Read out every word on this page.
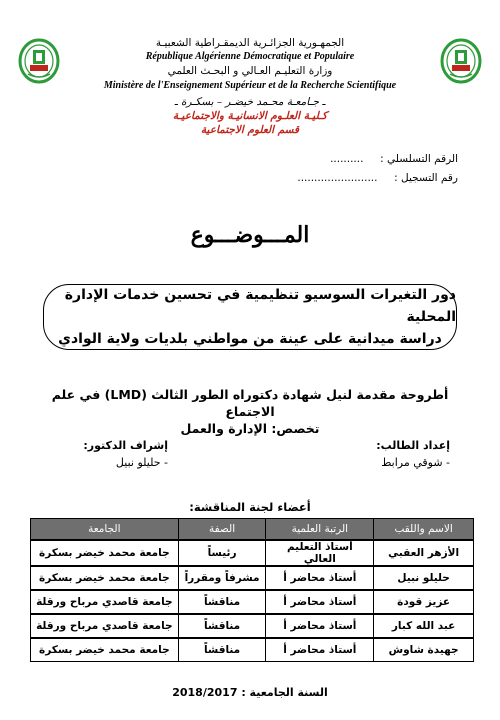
الجمهـورية الجزائـرية الديمقـراطية الشعبيـة
République Algérienne Démocratique et Populaire
وزارة التعليـم العـالي و البحـث العلمي
Ministère de l'Enseignement Supérieur et de la Recherche Scientifique
ـ جـامعـة محـمد خيضـر – بسكـرة ـ
كـليـة العلـوم الانسانيـة والاجتماعيـة
قسم العلوم الاجتماعية
الرقم التسلسلي :  ..........
رقم التسجيل :  ........................
المـــوضـــوع
دور التغيرات السوسيو تنظيمية في تحسين خدمات الإدارة المحلية
دراسة ميدانية على عينة من مواطني بلديات ولاية الوادي
أطروحة مقدمة لنيل شهادة دكتوراه الطور الثالث (LMD) في علم الاجتماع
تخصص: الإدارة والعمل
إعداد الطالب:
- شوقي مرابط
إشراف الدكتور:
- حليلو نبيل
أعضاء لجنة المناقشة:
الاسم واللقب	الرتبة العلمية	الصفة	الجامعة
الأزهر العقبي	أستاذ التعليم العالي	رئيساً	جامعة محمد خيضر بسكرة
حليلو نبيل	أستاذ محاضر أ	مشرفاً ومقرراً	جامعة محمد خيضر بسكرة
عزيز قودة	أستاذ محاضر أ	مناقشاً	جامعة قاصدي مرباح ورقلة
عبد الله كبار	أستاذ محاضر أ	مناقشاً	جامعة قاصدي مرباح ورقلة
جهيدة شاوش	أستاذ محاضر أ	مناقشاً	جامعة محمد خيضر بسكرة
السنة الجامعية : 2018/2017
